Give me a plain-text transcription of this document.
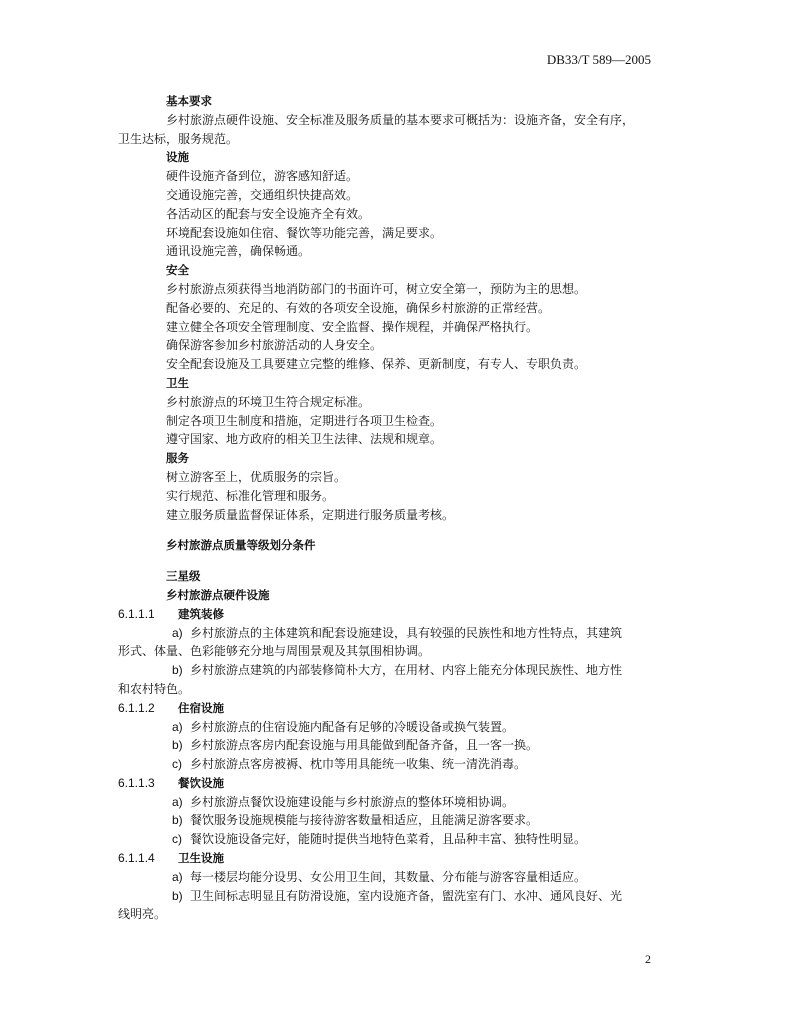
DB33/T 589—2005
基本要求
乡村旅游点硬件设施、安全标准及服务质量的基本要求可概括为：设施齐备，安全有序，
卫生达标，服务规范。
设施
硬件设施齐备到位，游客感知舒适。
交通设施完善，交通组织快捷高效。
各活动区的配套与安全设施齐全有效。
环境配套设施如住宿、餐饮等功能完善，满足要求。
通讯设施完善，确保畅通。
安全
乡村旅游点须获得当地消防部门的书面许可，树立安全第一，预防为主的思想。
配备必要的、充足的、有效的各项安全设施，确保乡村旅游的正常经营。
建立健全各项安全管理制度、安全监督、操作规程，并确保严格执行。
确保游客参加乡村旅游活动的人身安全。
安全配套设施及工具要建立完整的维修、保养、更新制度，有专人、专职负责。
卫生
乡村旅游点的环境卫生符合规定标准。
制定各项卫生制度和措施，定期进行各项卫生检查。
遵守国家、地方政府的相关卫生法律、法规和规章。
服务
树立游客至上，优质服务的宗旨。
实行规范、标准化管理和服务。
建立服务质量监督保证体系，定期进行服务质量考核。
乡村旅游点质量等级划分条件
三星级
乡村旅游点硬件设施
6.1.1.1 建筑装修
a) 乡村旅游点的主体建筑和配套设施建设，具有较强的民族性和地方性特点，其建筑
形式、体量、色彩能够充分地与周围景观及其氛围相协调。
b) 乡村旅游点建筑的内部装修简朴大方，在用材、内容上能充分体现民族性、地方性
和农村特色。
6.1.1.2 住宿设施
a) 乡村旅游点的住宿设施内配备有足够的冷暖设备或换气装置。
b) 乡村旅游点客房内配套设施与用具能做到配备齐备，且一客一换。
c) 乡村旅游点客房被褥、枕巾等用具能统一收集、统一清洗消毒。
6.1.1.3 餐饮设施
a) 乡村旅游点餐饮设施建设能与乡村旅游点的整体环境相协调。
b) 餐饮服务设施规模能与接待游客数量相适应，且能满足游客要求。
c) 餐饮设施设备完好，能随时提供当地特色菜肴，且品种丰富、独特性明显。
6.1.1.4 卫生设施
a) 每一楼层均能分设男、女公用卫生间，其数量、分布能与游客容量相适应。
b) 卫生间标志明显且有防滑设施，室内设施齐备，盥洗室有门、水冲、通风良好、光
线明亮。
2
